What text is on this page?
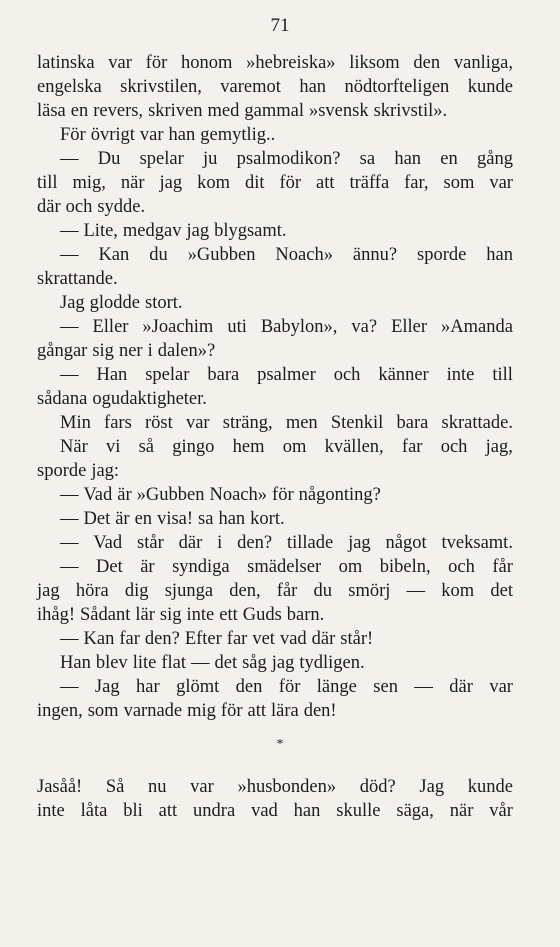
71
latinska var för honom »hebreiska» liksom den vanliga,
engelska skrivstilen, varemot han nödtorfteligen kunde
läsa en revers, skriven med gammal »svensk skrivstil».
För övrigt var han gemytlig..
— Du spelar ju psalmodikon? sa han en gång
till mig, när jag kom dit för att träffa far, som var
där och sydde.
— Lite, medgav jag blygsamt.
— Kan du »Gubben Noach» ännu? sporde han
skrattande.
Jag glodde stort.
— Eller »Joachim uti Babylon», va? Eller »Amanda
gångar sig ner i dalen»?
— Han spelar bara psalmer och känner inte till
sådana ogudaktigheter.
Min fars röst var sträng, men Stenkil bara skrattade.
När vi så gingo hem om kvällen, far och jag,
sporde jag:
— Vad är »Gubben Noach» för någonting?
— Det är en visa! sa han kort.
— Vad står där i den? tillade jag något tveksamt.
— Det är syndiga smädelser om bibeln, och får
jag höra dig sjunga den, får du smörj — kom det
ihåg! Sådant lär sig inte ett Guds barn.
— Kan far den? Efter far vet vad där står!
Han blev lite flat — det såg jag tydligen.
— Jag har glömt den för länge sen — där var
ingen, som varnade mig för att lära den!
*
Jasåå! Så nu var »husbonden» död? Jag kunde
inte låta bli att undra vad han skulle säga, när vår
